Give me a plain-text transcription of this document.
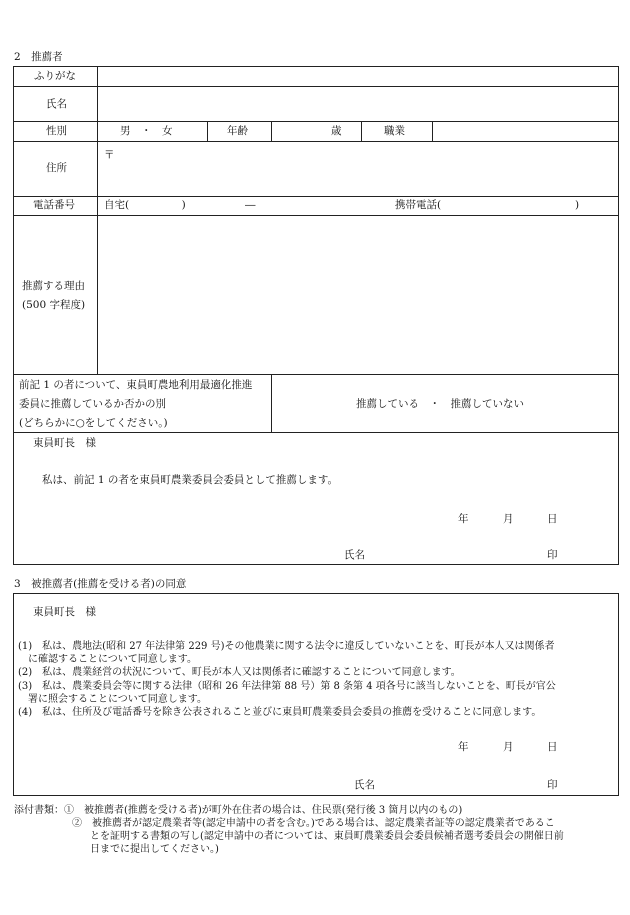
2　推薦者
ふりがな
氏名
性別	男　・　女	年齢	歳	職業
住所
〒
電話番号	自宅(　　　　　)	―	携帯電話(	)
推薦する理由
(500 字程度)
前記 1 の者について、東員町農地利用最適化推進
委員に推薦しているか否かの別
(どちらかに○をしてください。)
推薦している　・　推薦していない
東員町長　様
私は、前記 1 の者を東員町農業委員会委員として推薦します。
年	月	日
氏名	印
3　被推薦者(推薦を受ける者)の同意
東員町長　様
(1)　私は、農地法(昭和 27 年法律第 229 号)その他農業に関する法令に違反していないことを、町長が本人又は関係者
　に確認することについて同意します。
(2)　私は、農業経営の状況について、町長が本人又は関係者に確認することについて同意します。
(3)　私は、農業委員会等に関する法律（昭和 26 年法律第 88 号）第 8 条第 4 項各号に該当しないことを、町長が官公
　署に照会することについて同意します。
(4)　私は、住所及び電話番号を除き公表されること並びに東員町農業委員会委員の推薦を受けることに同意します。
年	月	日
氏名	印
添付書類：①　被推薦者(推薦を受ける者)が町外在住者の場合は、住民票(発行後 3 箇月以内のもの)
②　被推薦者が認定農業者等(認定申請中の者を含む。)である場合は、認定農業者証等の認定農業者であるこ
とを証明する書類の写し(認定申請中の者については、東員町農業委員会委員候補者選考委員会の開催日前
日までに提出してください。)
